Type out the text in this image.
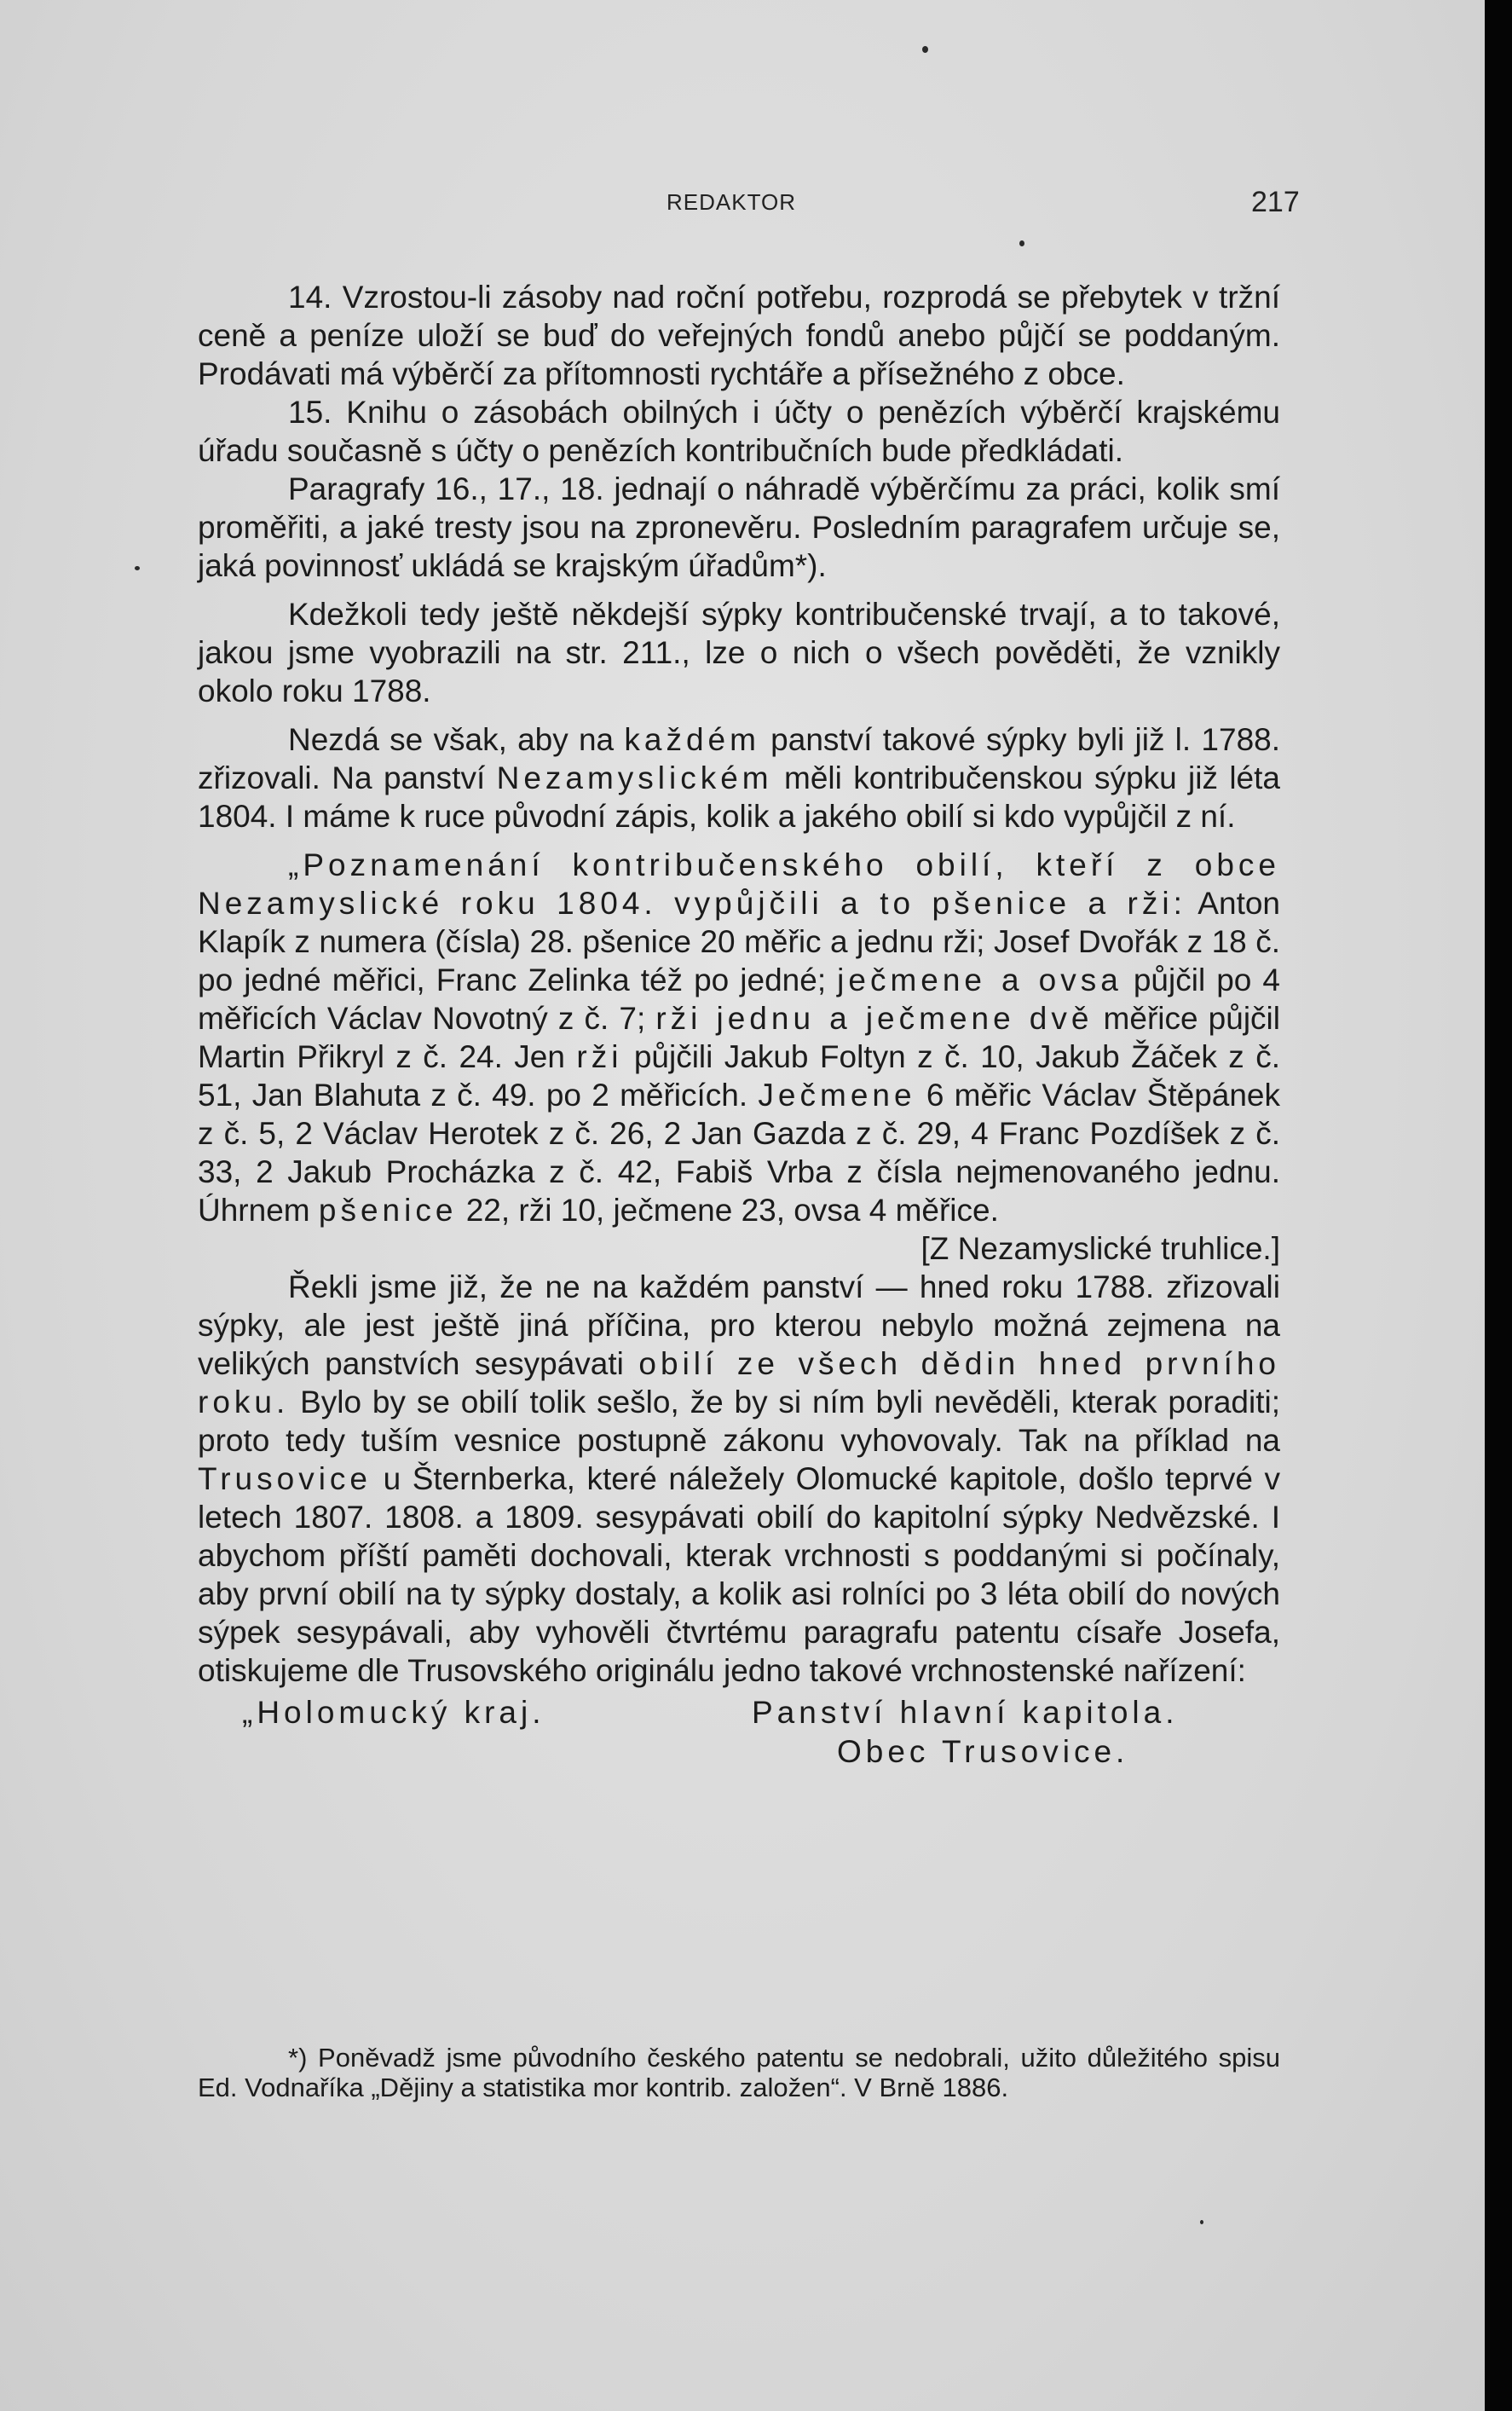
REDAKTOR	217

14. Vzrostou-li zásoby nad roční potřebu, rozprodá se přebytek v tržní ceně a peníze uloží se buď do veřejných fondů anebo půjčí se poddaným. Prodávati má výběrčí za přítomnosti rychtáře a přísežného z obce.

15. Knihu o zásobách obilných i účty o penězích výběrčí krajskému úřadu současně s účty o penězích kontribučních bude předkládati.

Paragrafy 16., 17., 18. jednají o náhradě výběrčímu za práci, kolik smí proměřiti, a jaké tresty jsou na zpronevěru. Posledním paragrafem určuje se, jaká povinnosť ukládá se krajským úřadům*).

Kdežkoli tedy ještě někdejší sýpky kontribučenské trvají, a to takové, jakou jsme vyobrazili na str. 211., lze o nich o všech pověděti, že vznikly okolo roku 1788.

Nezdá se však, aby na každém panství takové sýpky byli již l. 1788. zřizovali. Na panství Nezamyslickém měli kontribučenskou sýpku již léta 1804. I máme k ruce původní zápis, kolik a jakého obilí si kdo vypůjčil z ní.

„Poznamenání kontribučenského obilí, kteří z obce Nezamyslické roku 1804. vypůjčili a to pšenice a rži: Anton Klapík z numera (čísla) 28. pšenice 20 měřic a jednu rži; Josef Dvořák z 18 č. po jedné měřici, Franc Zelinka též po jedné; ječmene a ovsa půjčil po 4 měřicích Václav Novotný z č. 7; rži jednu a ječmene dvě měřice půjčil Martin Přikryl z č. 24. Jen rži půjčili Jakub Foltyn z č. 10, Jakub Žáček z č. 51, Jan Blahuta z č. 49. po 2 měřicích. Ječmene 6 měřic Václav Štěpánek z č. 5, 2 Václav Herotek z č. 26, 2 Jan Gazda z č. 29, 4 Franc Pozdíšek z č. 33, 2 Jakub Procházka z č. 42, Fabiš Vrba z čísla nejmenovaného jednu. Úhrnem pšenice 22, rži 10, ječmene 23, ovsa 4 měřice.

[Z Nezamyslické truhlice.]

Řekli jsme již, že ne na každém panství — hned roku 1788. zřizovali sýpky, ale jest ještě jiná příčina, pro kterou nebylo možná zejmena na velikých panstvích sesypávati obilí ze všech dědin hned prvního roku. Bylo by se obilí tolik sešlo, že by si ním byli nevěděli, kterak poraditi; proto tedy tuším vesnice postupně zákonu vyhovovaly. Tak na příklad na Trusovice u Šternberka, které náležely Olomucké kapitole, došlo teprvé v letech 1807. 1808. a 1809. sesypávati obilí do kapitolní sýpky Nedvězské. I abychom příští paměti dochovali, kterak vrchnosti s poddanými si počínaly, aby první obilí na ty sýpky dostaly, a kolik asi rolníci po 3 léta obilí do nových sýpek sesypávali, aby vyhověli čtvrtému paragrafu patentu císaře Josefa, otiskujeme dle Trusovského originálu jedno takové vrchnostenské nařízení:

„Holomucký kraj.	Panství hlavní kapitola.
Obec Trusovice.

*) Poněvadž jsme původního českého patentu se nedobrali, užito důležitého spisu Ed. Vodnaříka „Dějiny a statistika mor kontrib. založen“. V Brně 1886.
